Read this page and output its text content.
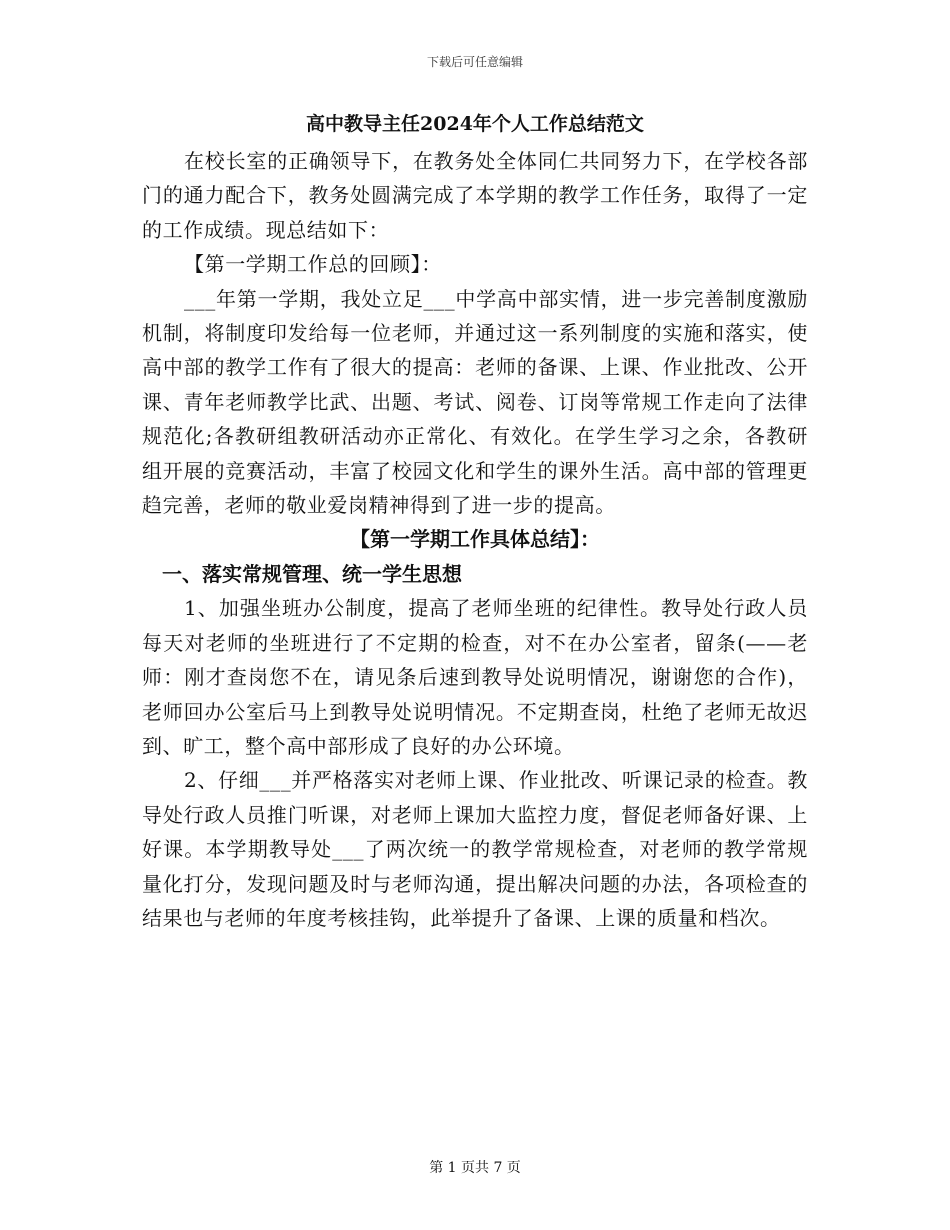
下载后可任意编辑
高中教导主任2024年个人工作总结范文

在校长室的正确领导下，在教务处全体同仁共同努力下，在学校各部门的通力配合下，教务处圆满完成了本学期的教学工作任务，取得了一定的工作成绩。现总结如下：

【第一学期工作总的回顾】：

___年第一学期，我处立足___中学高中部实情，进一步完善制度激励机制，将制度印发给每一位老师，并通过这一系列制度的实施和落实，使高中部的教学工作有了很大的提高：老师的备课、上课、作业批改、公开课、青年老师教学比武、出题、考试、阅卷、订岗等常规工作走向了法律规范化;各教研组教研活动亦正常化、有效化。在学生学习之余，各教研组开展的竞赛活动，丰富了校园文化和学生的课外生活。高中部的管理更趋完善，老师的敬业爱岗精神得到了进一步的提高。

【第一学期工作具体总结】：

一、落实常规管理、统一学生思想

1、加强坐班办公制度，提高了老师坐班的纪律性。教导处行政人员每天对老师的坐班进行了不定期的检查，对不在办公室者，留条(——老师：刚才查岗您不在，请见条后速到教导处说明情况，谢谢您的合作)，老师回办公室后马上到教导处说明情况。不定期查岗，杜绝了老师无故迟到、旷工，整个高中部形成了良好的办公环境。

2、仔细___并严格落实对老师上课、作业批改、听课记录的检查。教导处行政人员推门听课，对老师上课加大监控力度，督促老师备好课、上好课。本学期教导处___了两次统一的教学常规检查，对老师的教学常规量化打分，发现问题及时与老师沟通，提出解决问题的办法，各项检查的结果也与老师的年度考核挂钩，此举提升了备课、上课的质量和档次。

第 1 页共 7 页
